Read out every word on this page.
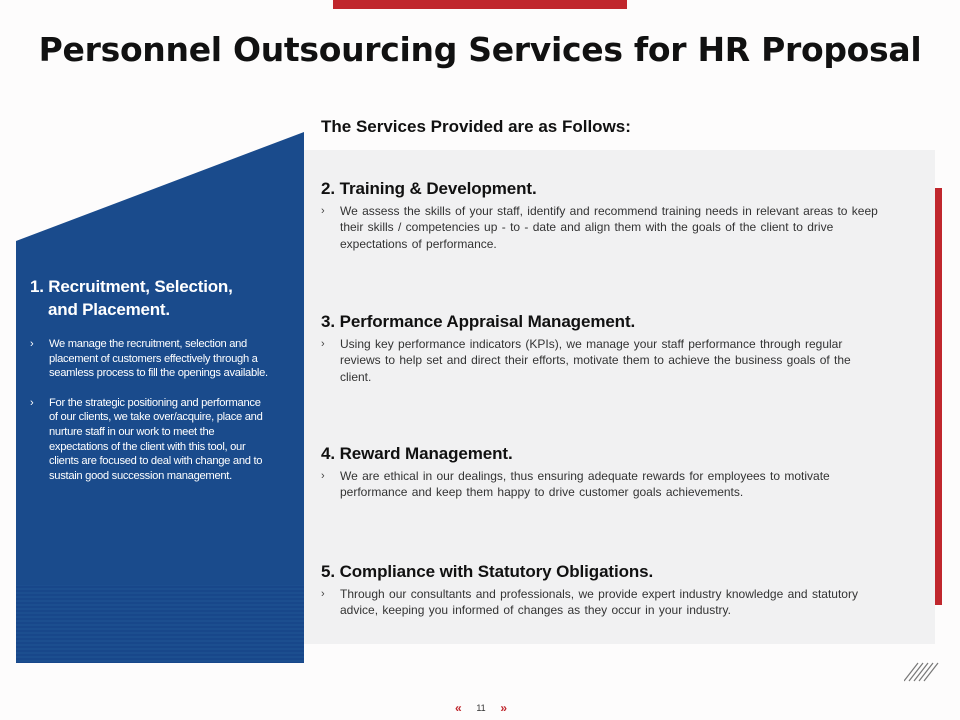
Personnel Outsourcing Services for HR Proposal
1. Recruitment, Selection,
and Placement.
› We manage the recruitment, selection and placement of customers effectively through a seamless process to fill the openings available.
› For the strategic positioning and performance of our clients, we take over/acquire, place and nurture staff in our work to meet the expectations of the client with this tool, our clients are focused to deal with change and to sustain good succession management.
The Services Provided are as Follows:
2. Training & Development.

› We assess the skills of your staff, identify and recommend training needs in relevant areas to keep their skills / competencies up - to - date and align them with the goals of the client to drive expectations of performance.

3. Performance Appraisal Management.

› Using key performance indicators (KPIs), we manage your staff performance through regular reviews to help set and direct their efforts, motivate them to achieve the business goals of the client.

4. Reward Management.

› We are ethical in our dealings, thus ensuring adequate rewards for employees to motivate performance and keep them happy to drive customer goals achievements.

5. Compliance with Statutory Obligations.

› Through our consultants and professionals, we provide expert industry knowledge and statutory advice, keeping you informed of changes as they occur in your industry.

« 11 »
